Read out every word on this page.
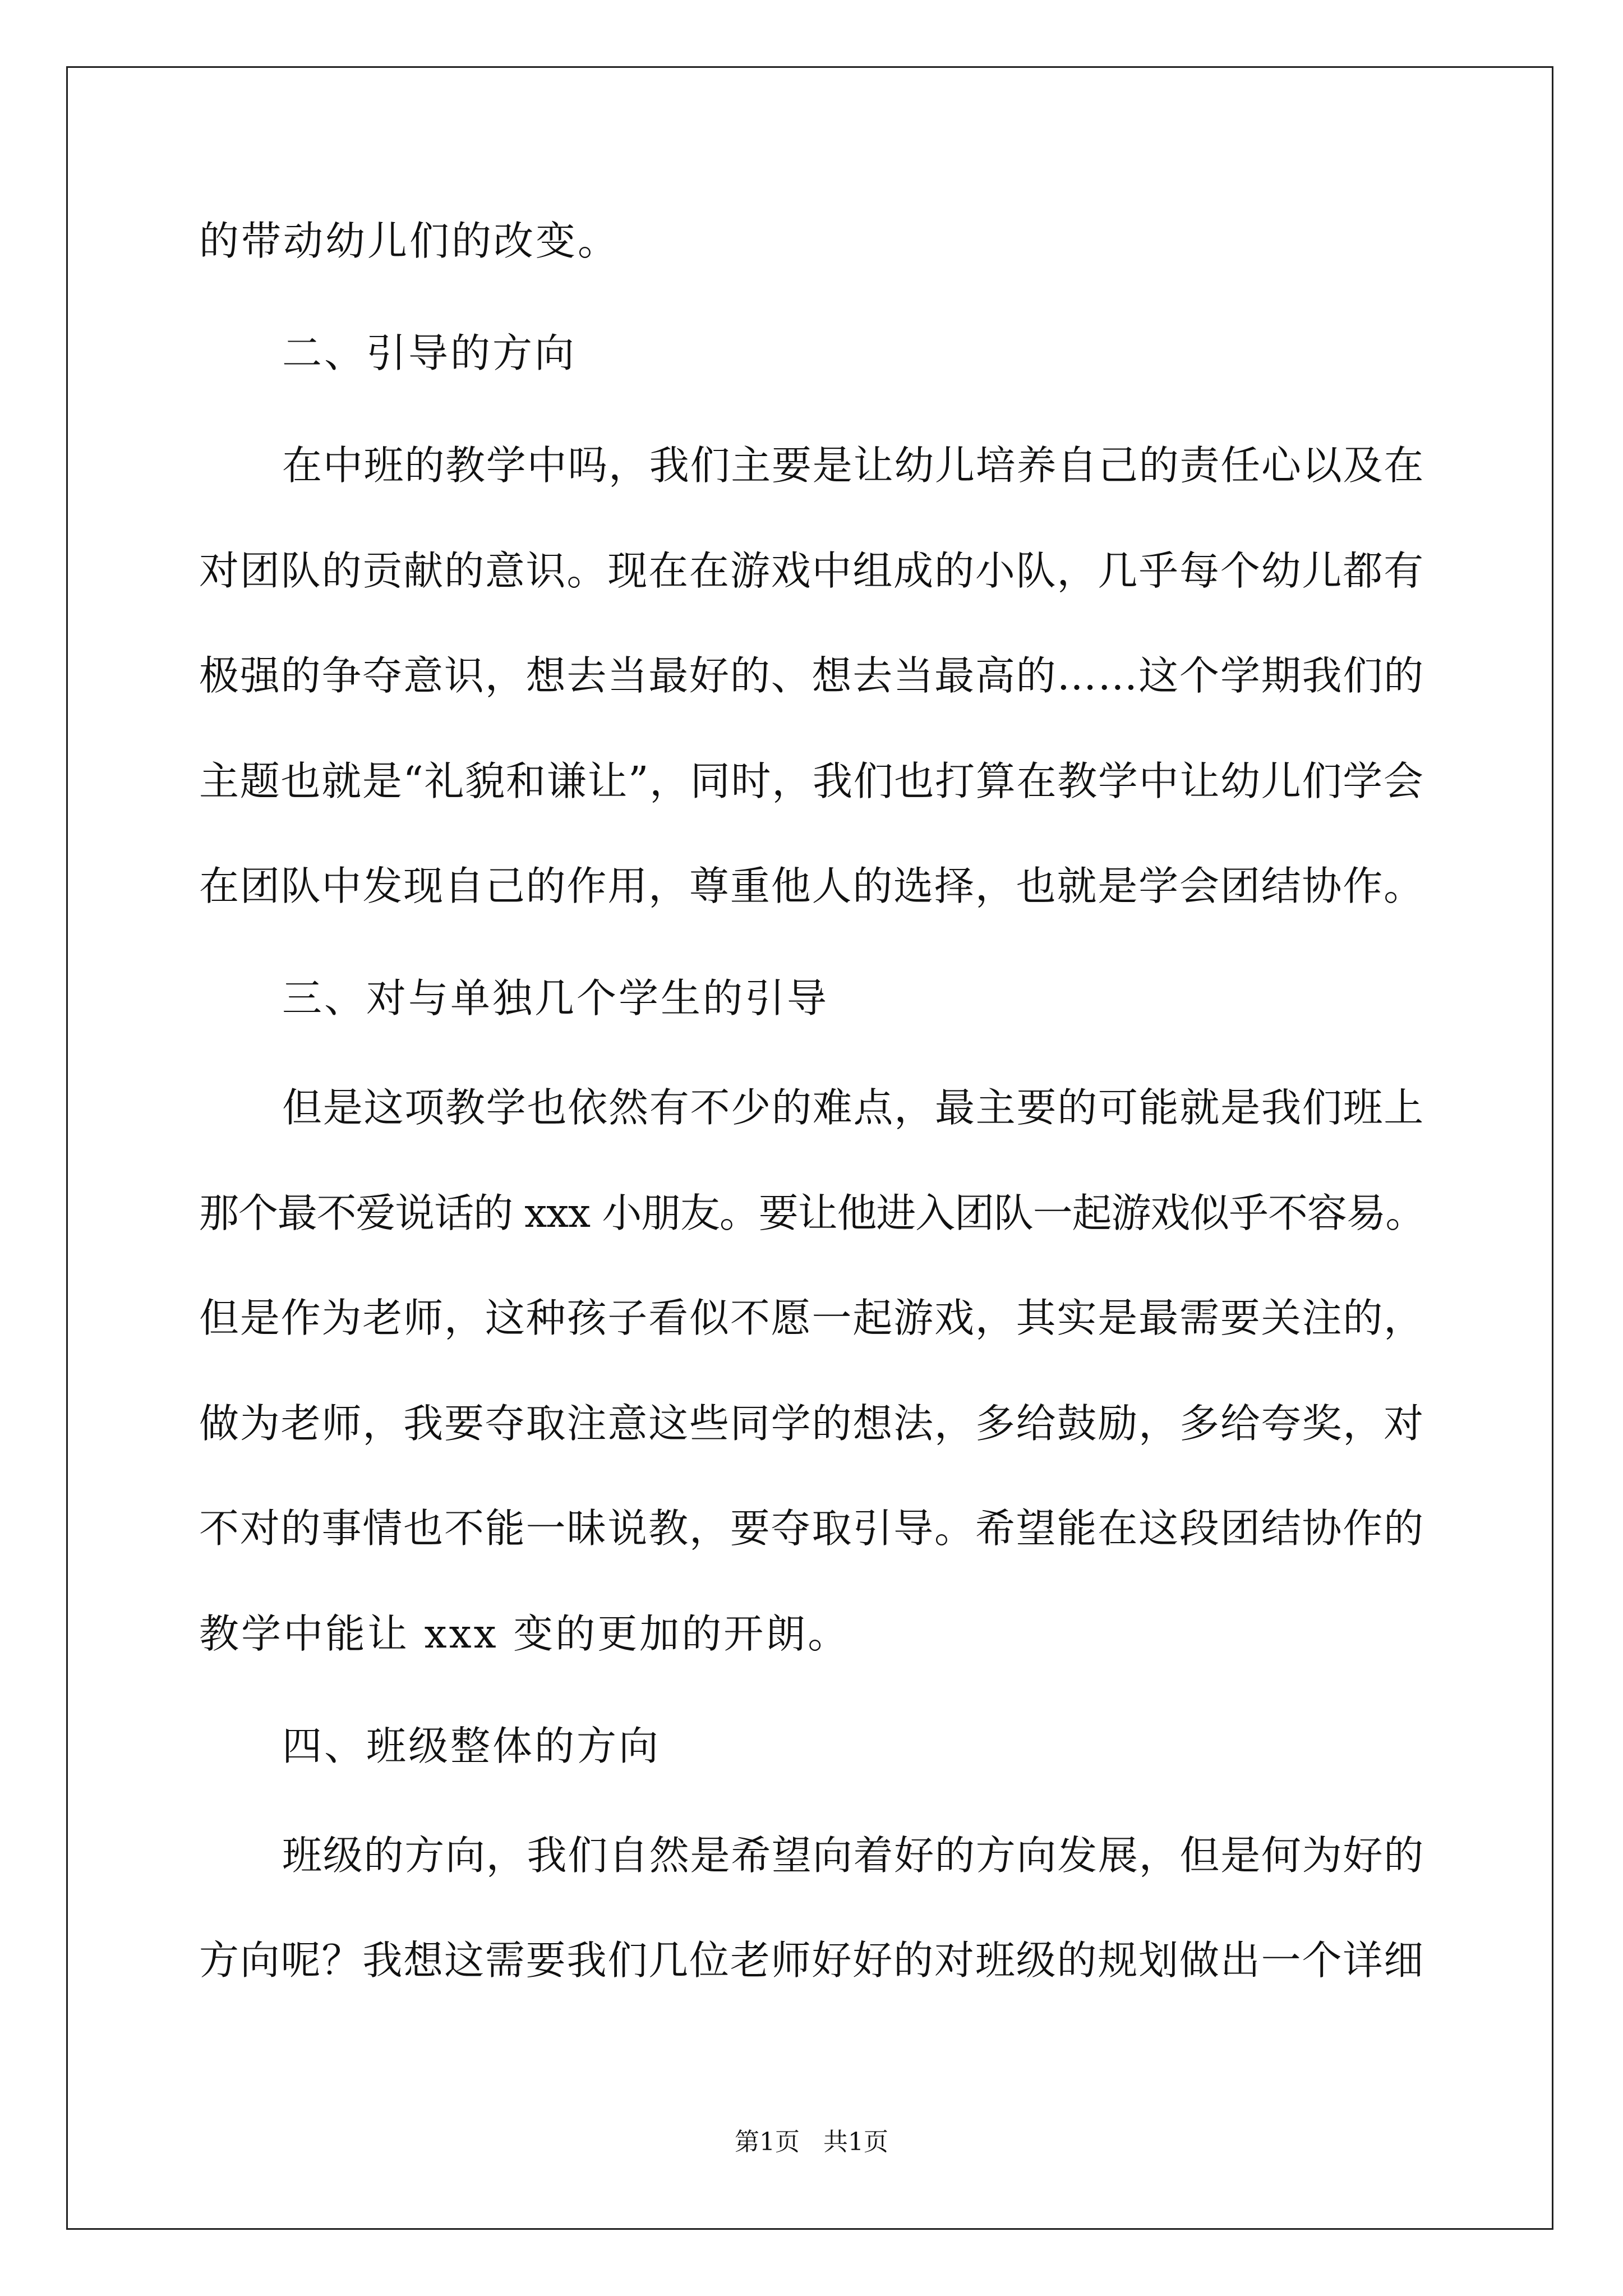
的带动幼儿们的改变。
二、引导的方向
在中班的教学中吗，我们主要是让幼儿培养自己的责任心以及在
对团队的贡献的意识。现在在游戏中组成的小队，几乎每个幼儿都有
极强的争夺意识，想去当最好的、想去当最高的……这个学期我们的
主题也就是“礼貌和谦让”，同时，我们也打算在教学中让幼儿们学会
在团队中发现自己的作用，尊重他人的选择，也就是学会团结协作。
三、对与单独几个学生的引导
但是这项教学也依然有不少的难点，最主要的可能就是我们班上
那个最不爱说话的 xxx 小朋友。要让他进入团队一起游戏似乎不容易。
但是作为老师，这种孩子看似不愿一起游戏，其实是最需要关注的，
做为老师，我要夺取注意这些同学的想法，多给鼓励，多给夸奖，对
不对的事情也不能一昧说教，要夺取引导。希望能在这段团结协作的
教学中能让 xxx 变的更加的开朗。
四、班级整体的方向
班级的方向，我们自然是希望向着好的方向发展，但是何为好的
方向呢？我想这需要我们几位老师好好的对班级的规划做出一个详细
第1页   共1页
